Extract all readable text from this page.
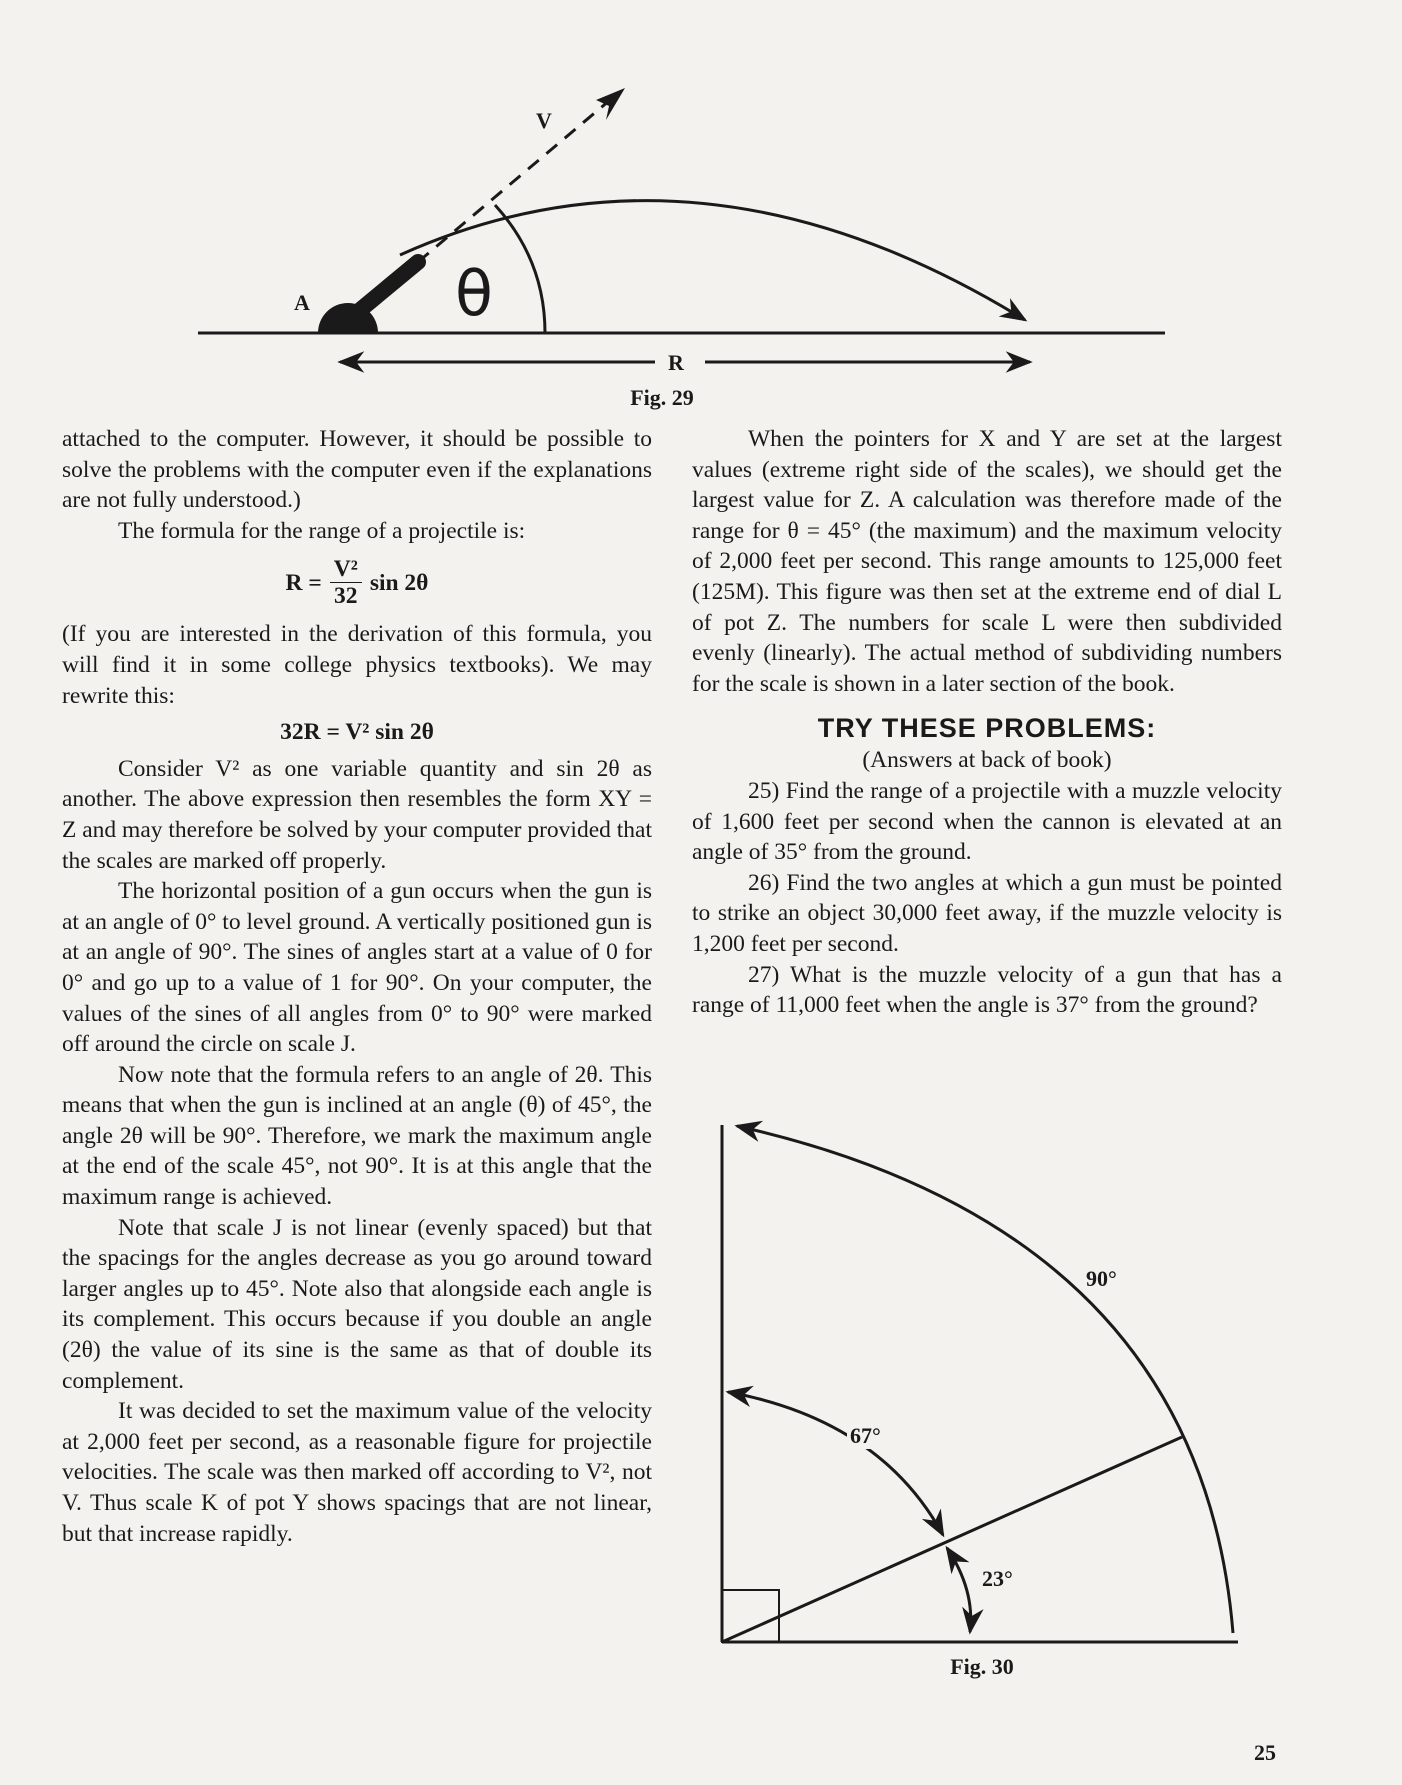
V
A θ
R
Fig. 29

attached to the computer. However, it should be possible to solve the problems with the computer even if the explanations are not fully understood.)

The formula for the range of a projectile is:

$R = \frac{\text{V²}}{32}$ sin 2θ

(If you are interested in the derivation of this formula, you will find it in some college physics textbooks). We may rewrite this:

32R = V² sin 2θ

Consider V² as one variable quantity and sin 2θ as another. The above expression then resembles the form XY = Z and may therefore be solved by your computer provided that the scales are marked off properly.

The horizontal position of a gun occurs when the gun is at an angle of 0° to level ground. A vertically positioned gun is at an angle of 90°. The sines of angles start at a value of 0 for 0° and go up to a value of 1 for 90°. On your computer, the values of the sines of all angles from 0° to 90° were marked off around the circle on scale J.

Now note that the formula refers to an angle of 2θ. This means that when the gun is inclined at an angle (θ) of 45°, the angle 2θ will be 90°. Therefore, we mark the maximum angle at the end of the scale 45°, not 90°. It is at this angle that the maximum range is achieved.

Note that scale J is not linear (evenly spaced) but that the spacings for the angles decrease as you go around toward larger angles up to 45°. Note also that alongside each angle is its complement. This occurs because if you double an angle (2θ) the value of its sine is the same as that of double its complement.

It was decided to set the maximum value of the velocity at 2,000 feet per second, as a reasonable figure for projectile velocities. The scale was then marked off according to V², not V. Thus scale K of pot Y shows spacings that are not linear, but that increase rapidly.

When the pointers for X and Y are set at the largest values (extreme right side of the scales), we should get the largest value for Z. A calculation was therefore made of the range for θ = 45° (the maximum) and the maximum velocity of 2,000 feet per second. This range amounts to 125,000 feet (125M). This figure was then set at the extreme end of dial L of pot Z. The numbers for scale L were then subdivided evenly (linearly). The actual method of subdividing numbers for the scale is shown in a later section of the book.

TRY THESE PROBLEMS:
(Answers at back of book)

25) Find the range of a projectile with a muzzle velocity of 1,600 feet per second when the cannon is elevated at an angle of 35° from the ground.

26) Find the two angles at which a gun must be pointed to strike an object 30,000 feet away, if the muzzle velocity is 1,200 feet per second.

27) What is the muzzle velocity of a gun that has a range of 11,000 feet when the angle is 37° from the ground?

90°
67°
23°
Fig. 30
25
